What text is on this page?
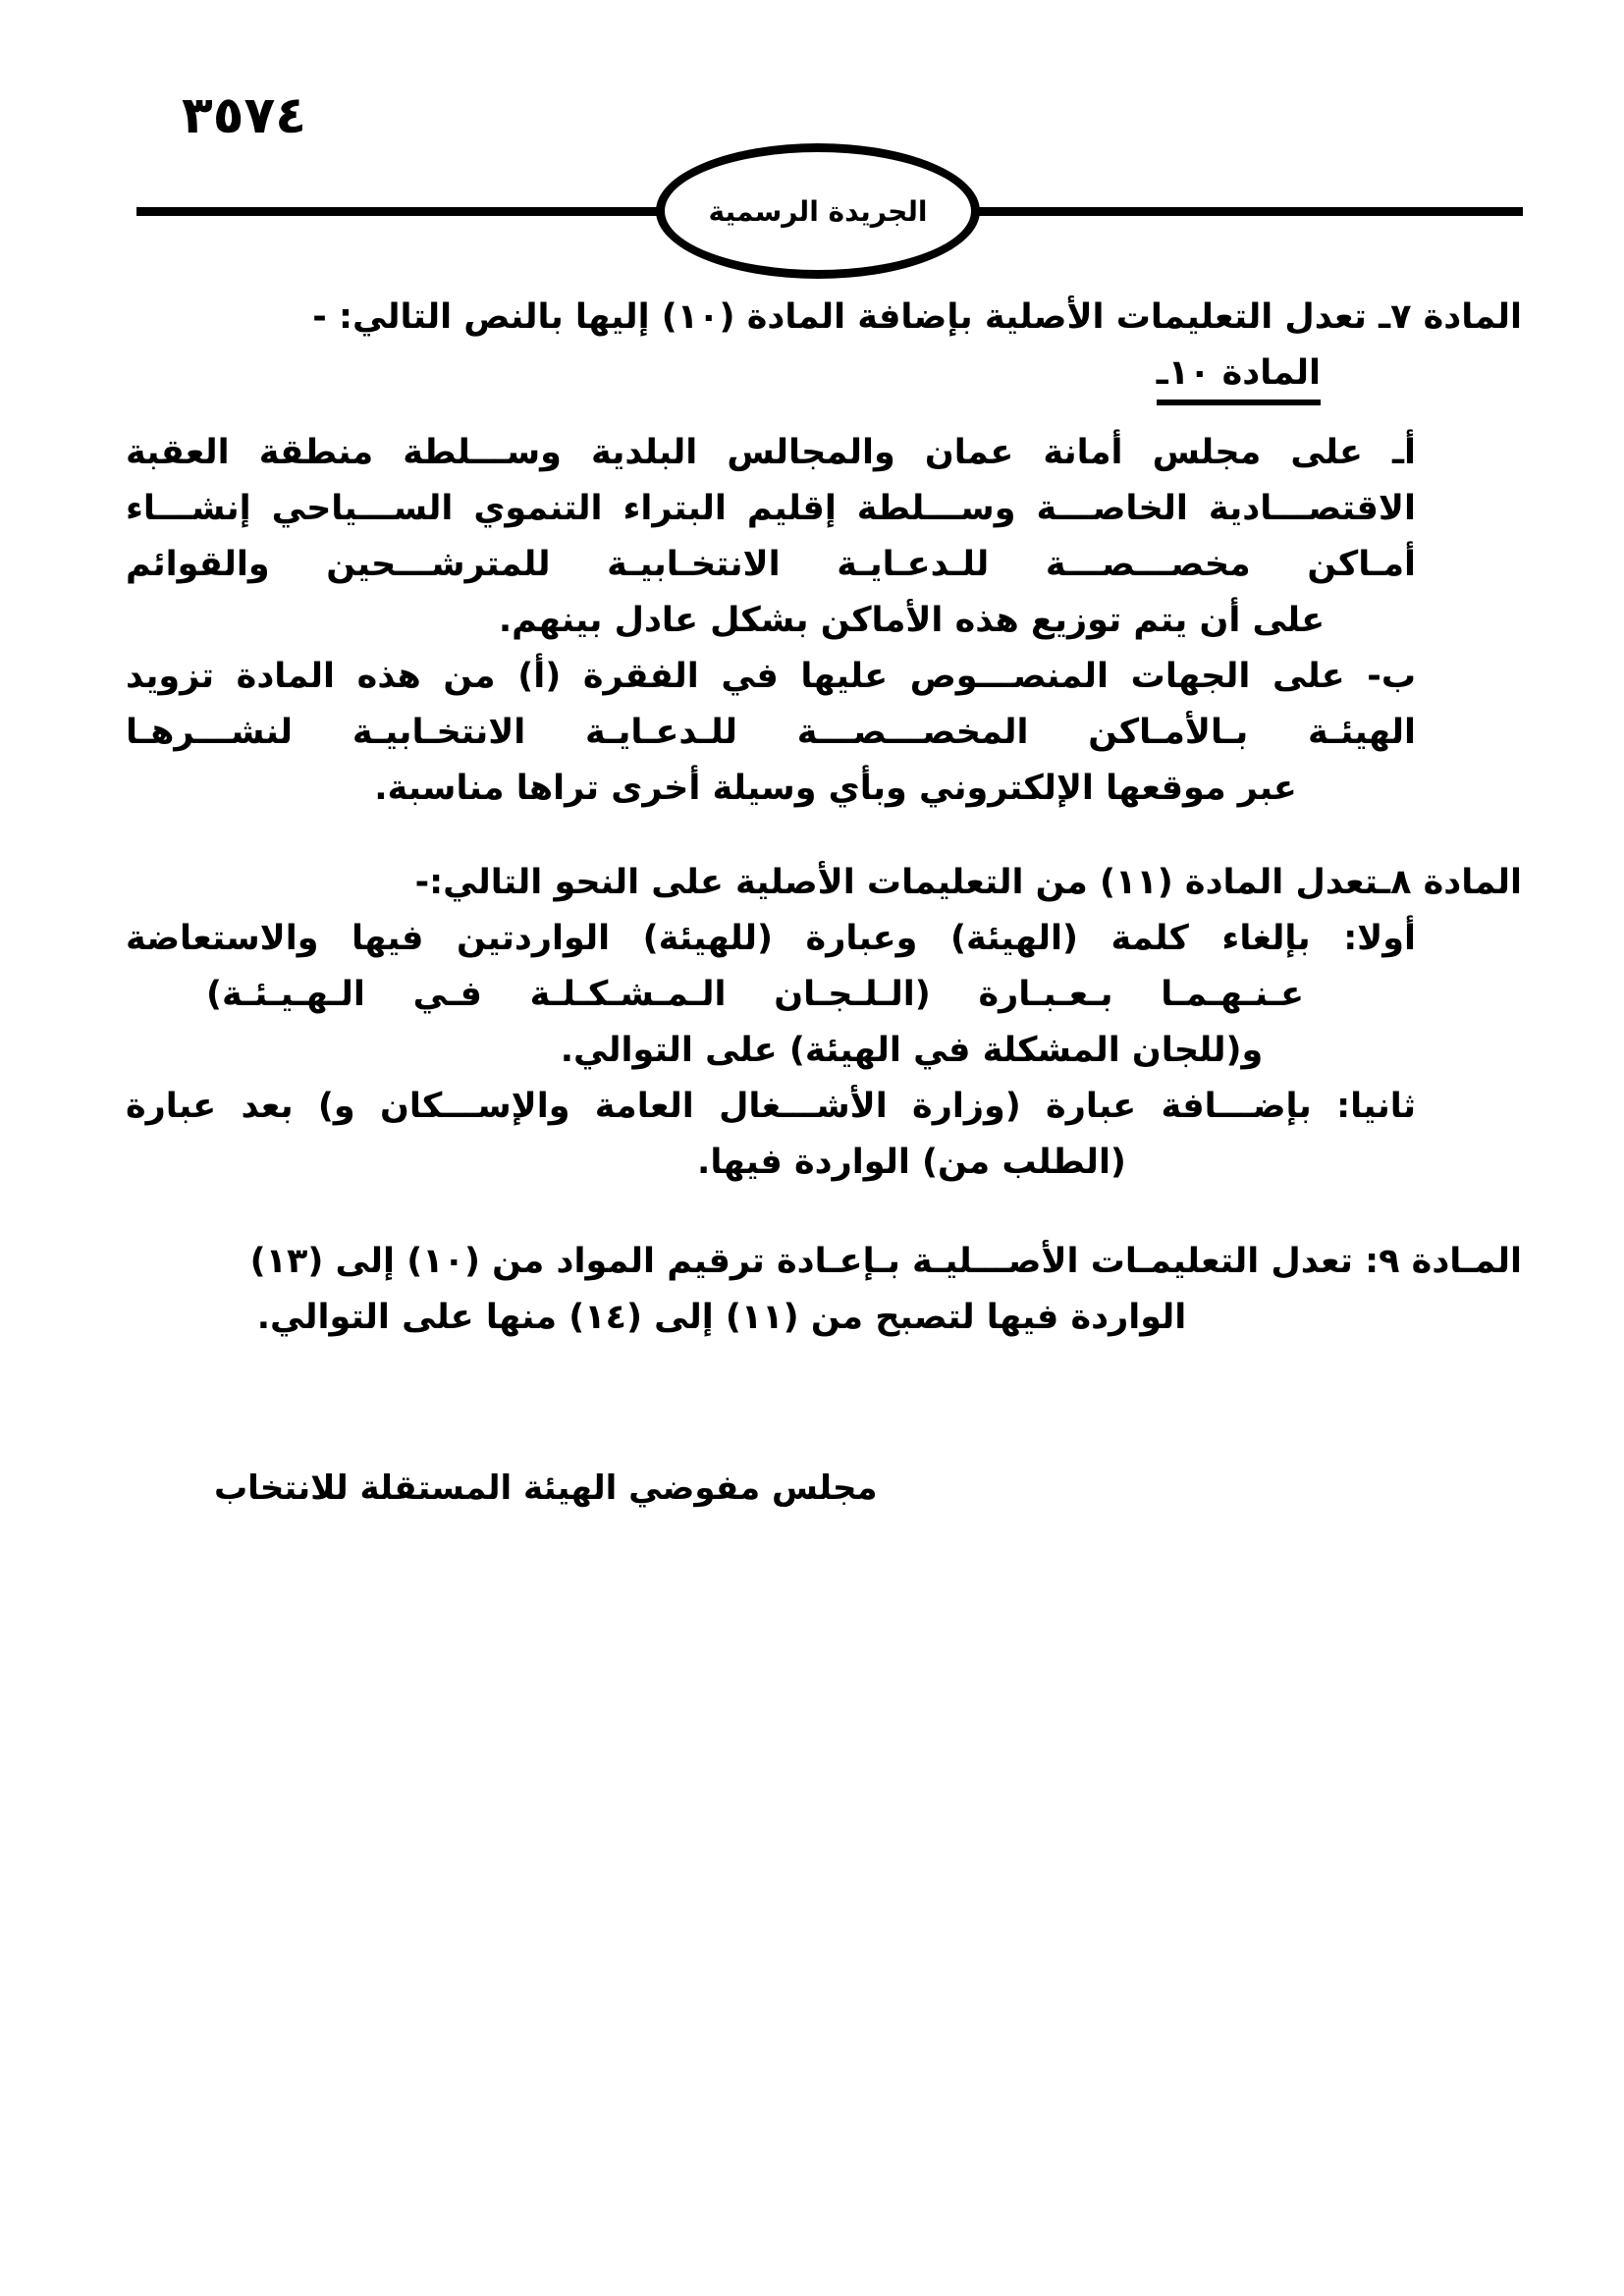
٣٥٧٤
الجريدة الرسمية
المادة ٧ـ تعدل التعليمات الأصلية بإضافة المادة (١٠) إليها بالنص التالي: -
المادة ١٠ـ
أـ على مجلس أمانة عمان والمجالس البلدية وســـلطة منطقة العقبة
الاقتصـــادية الخاصـــة وســـلطة إقليم البتراء التنموي الســـياحي إنشـــاء
أمـاكن مخصـــصـــة للـدعـايـة الانتخـابيـة للمترشـــحين والقوائم
على أن يتم توزيع هذه الأماكن بشكل عادل بينهم.
ب- على الجهات المنصـــوص عليها في الفقرة (أ) من هذه المادة تزويد
الهيئـة بـالأمـاكن المخصـــصـــة للـدعـايـة الانتخـابيـة لنشـــرهـا
عبر موقعها الإلكتروني وبأي وسيلة أخرى تراها مناسبة.
المادة ٨ـتعدل المادة (١١) من التعليمات الأصلية على النحو التالي:-
أولا: بإلغاء كلمة (الهيئة) وعبارة (للهيئة) الواردتين فيها والاستعاضة
عـنـهـمـا بـعـبـارة (الـلـجـان الـمـشـكـلـة فـي الـهـيـئـة)
و(للجان المشكلة في الهيئة) على التوالي.
ثانيا: بإضـــافة عبارة (وزارة الأشـــغال العامة والإســـكان و) بعد عبارة
(الطلب من) الواردة فيها.
المـادة ٩: تعدل التعليمـات الأصـــليـة بـإعـادة ترقيم المواد من (١٠) إلى (١٣)
الواردة فيها لتصبح من (١١) إلى (١٤) منها على التوالي.
مجلس مفوضي الهيئة المستقلة للانتخاب
